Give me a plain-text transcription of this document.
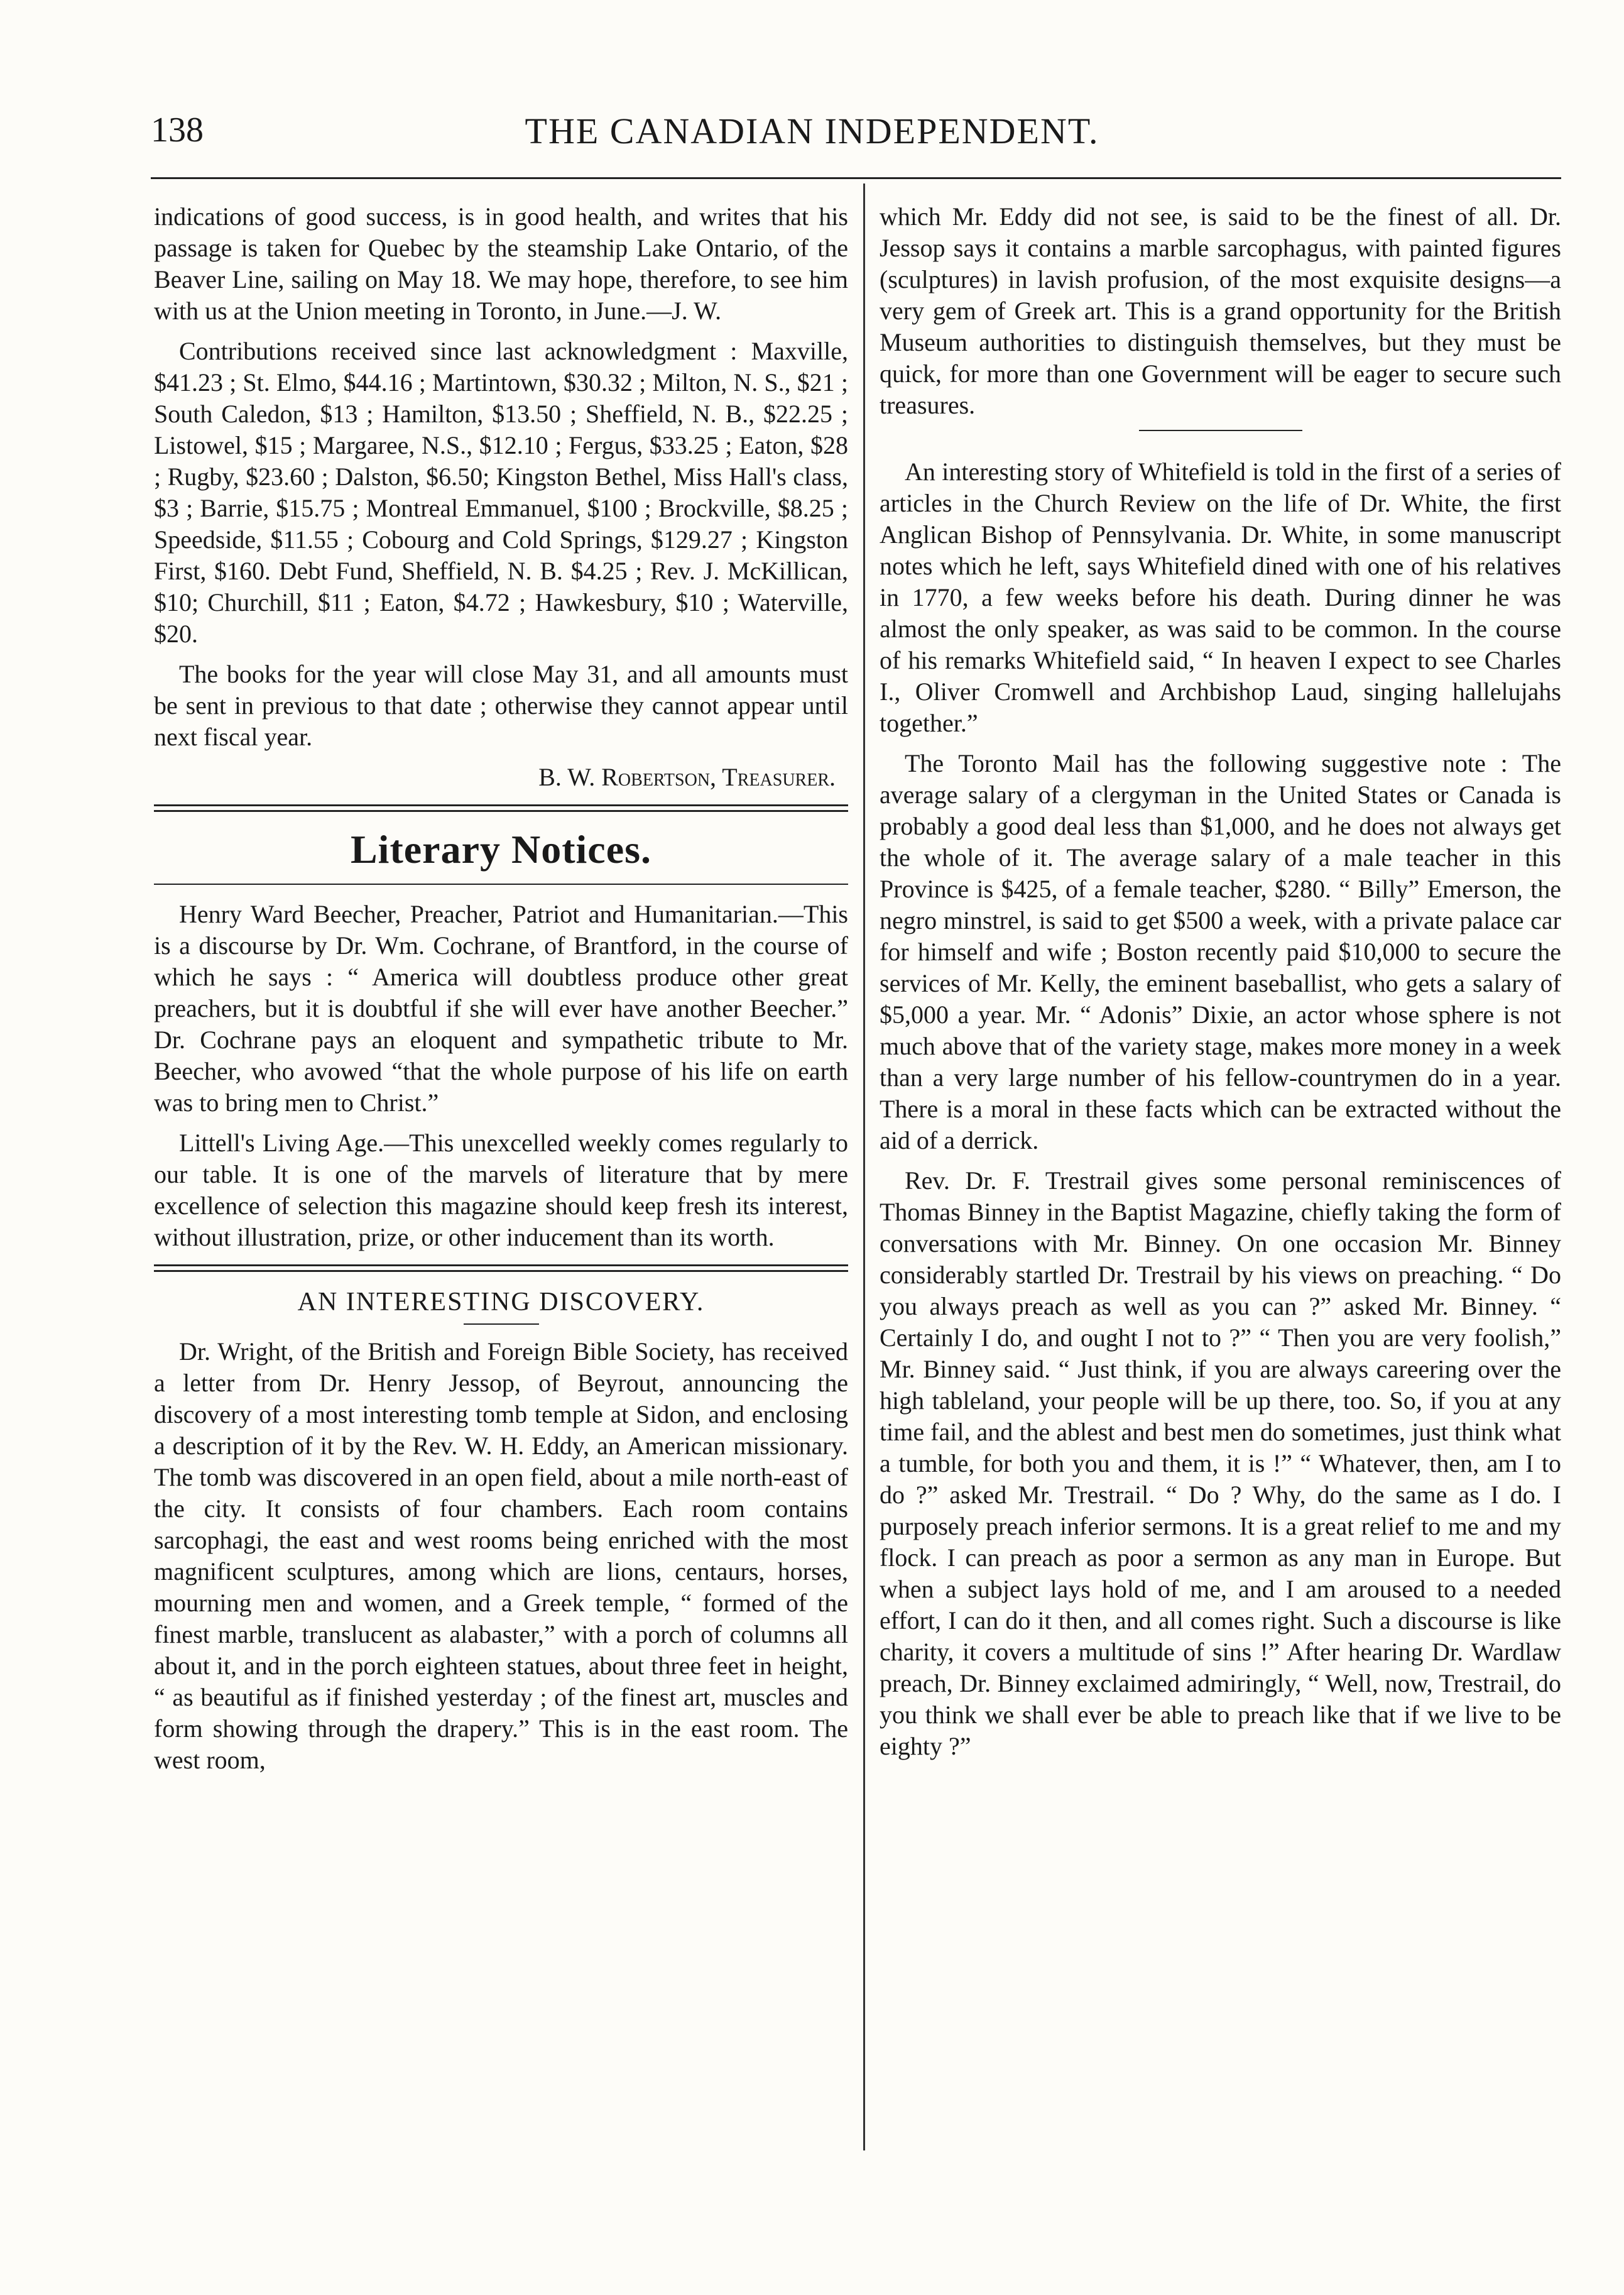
138	THE CANADIAN INDEPENDENT.

indications of good success, is in good health, and writes that his passage is taken for Quebec by the steamship Lake Ontario, of the Beaver Line, sailing on May 18. We may hope, therefore, to see him with us at the Union meeting in Toronto, in June.—J. W.

Contributions received since last acknowledgment : Maxville, $41.23 ; St. Elmo, $44.16 ; Martintown, $30.32 ; Milton, N. S., $21 ; South Caledon, $13 ; Hamilton, $13.50 ; Sheffield, N. B., $22.25 ; Listowel, $15 ; Margaree, N.S., $12.10 ; Fergus, $33.25 ; Eaton, $28 ; Rugby, $23.60 ; Dalston, $6.50; Kingston Bethel, Miss Hall's class, $3 ; Barrie, $15.75 ; Montreal Emmanuel, $100 ; Brockville, $8.25 ; Speedside, $11.55 ; Cobourg and Cold Springs, $129.27 ; Kingston First, $160. Debt Fund, Sheffield, N. B. $4.25 ; Rev. J. McKillican, $10; Churchill, $11 ; Eaton, $4.72 ; Hawkesbury, $10 ; Waterville, $20.

The books for the year will close May 31, and all amounts must be sent in previous to that date ; otherwise they cannot appear until next fiscal year.

B. W. Robertson, Treasurer.

Literary Notices.

Henry Ward Beecher, Preacher, Patriot and Humanitarian.—This is a discourse by Dr. Wm. Cochrane, of Brantford, in the course of which he says : “ America will doubtless produce other great preachers, but it is doubtful if she will ever have another Beecher.” Dr. Cochrane pays an eloquent and sympathetic tribute to Mr. Beecher, who avowed “that the whole purpose of his life on earth was to bring men to Christ.”

Littell's Living Age.—This unexcelled weekly comes regularly to our table. It is one of the marvels of literature that by mere excellence of selection this magazine should keep fresh its interest, without illustration, prize, or other inducement than its worth.

AN INTERESTING DISCOVERY.

Dr. Wright, of the British and Foreign Bible Society, has received a letter from Dr. Henry Jessop, of Beyrout, announcing the discovery of a most interesting tomb temple at Sidon, and enclosing a description of it by the Rev. W. H. Eddy, an American missionary. The tomb was discovered in an open field, about a mile north-east of the city. It consists of four chambers. Each room contains sarcophagi, the east and west rooms being enriched with the most magnificent sculptures, among which are lions, centaurs, horses, mourning men and women, and a Greek temple, “ formed of the finest marble, translucent as alabaster,” with a porch of columns all about it, and in the porch eighteen statues, about three feet in height, “ as beautiful as if finished yesterday ; of the finest art, muscles and form showing through the drapery.” This is in the east room. The west room,

which Mr. Eddy did not see, is said to be the finest of all. Dr. Jessop says it contains a marble sarcophagus, with painted figures (sculptures) in lavish profusion, of the most exquisite designs—a very gem of Greek art. This is a grand opportunity for the British Museum authorities to distinguish themselves, but they must be quick, for more than one Government will be eager to secure such treasures.

An interesting story of Whitefield is told in the first of a series of articles in the Church Review on the life of Dr. White, the first Anglican Bishop of Pennsylvania. Dr. White, in some manuscript notes which he left, says Whitefield dined with one of his relatives in 1770, a few weeks before his death. During dinner he was almost the only speaker, as was said to be common. In the course of his remarks Whitefield said, “ In heaven I expect to see Charles I., Oliver Cromwell and Archbishop Laud, singing hallelujahs together.”

The Toronto Mail has the following suggestive note : The average salary of a clergyman in the United States or Canada is probably a good deal less than $1,000, and he does not always get the whole of it. The average salary of a male teacher in this Province is $425, of a female teacher, $280. “ Billy” Emerson, the negro minstrel, is said to get $500 a week, with a private palace car for himself and wife ; Boston recently paid $10,000 to secure the services of Mr. Kelly, the eminent baseballist, who gets a salary of $5,000 a year. Mr. “ Adonis” Dixie, an actor whose sphere is not much above that of the variety stage, makes more money in a week than a very large number of his fellow-countrymen do in a year. There is a moral in these facts which can be extracted without the aid of a derrick.

Rev. Dr. F. Trestrail gives some personal reminiscences of Thomas Binney in the Baptist Magazine, chiefly taking the form of conversations with Mr. Binney. On one occasion Mr. Binney considerably startled Dr. Trestrail by his views on preaching. “ Do you always preach as well as you can ?” asked Mr. Binney. “ Certainly I do, and ought I not to ?” “ Then you are very foolish,” Mr. Binney said. “ Just think, if you are always careering over the high tableland, your people will be up there, too. So, if you at any time fail, and the ablest and best men do sometimes, just think what a tumble, for both you and them, it is !” “ Whatever, then, am I to do ?” asked Mr. Trestrail. “ Do ? Why, do the same as I do. I purposely preach inferior sermons. It is a great relief to me and my flock. I can preach as poor a sermon as any man in Europe. But when a subject lays hold of me, and I am aroused to a needed effort, I can do it then, and all comes right. Such a discourse is like charity, it covers a multitude of sins !” After hearing Dr. Wardlaw preach, Dr. Binney exclaimed admiringly, “ Well, now, Trestrail, do you think we shall ever be able to preach like that if we live to be eighty ?”
